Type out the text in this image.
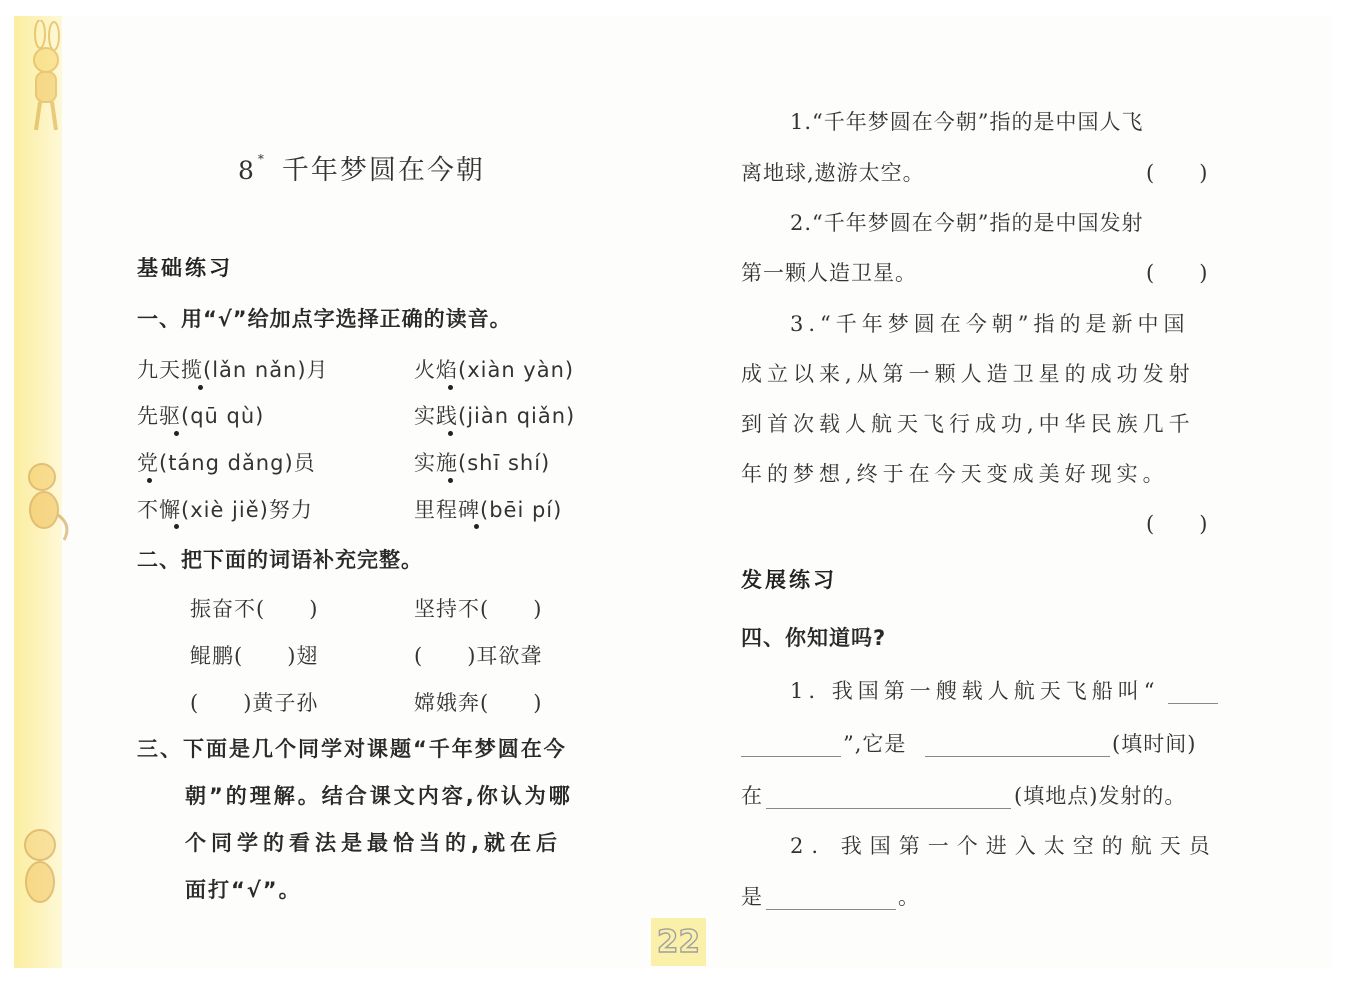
8 * 千年梦圆在今朝
基础练习
一、用“√”给加点字选择正确的读音。
九天揽(lǎn nǎn)月	火焰(xiàn yàn)
先驱(qū qù)	实践(jiàn qiǎn)
党(táng dǎng)员	实施(shī shí)
不懈(xiè jiě)努力	里程碑(bēi pí)
二、把下面的词语补充完整。
振奋不(　　)	坚持不(　　)
鲲鹏(　　)翅	(　　)耳欲聋
(　　)黄子孙	嫦娥奔(　　)
三、下面是几个同学对课题“千年梦圆在今
朝”的理解。结合课文内容,你认为哪
个同学的看法是最恰当的,就在后
面打“√”。
1.“千年梦圆在今朝”指的是中国人飞
离地球,遨游太空。	(　　)
2.“千年梦圆在今朝”指的是中国发射
第一颗人造卫星。	(　　)
3.“千年梦圆在今朝”指的是新中国
成立以来,从第一颗人造卫星的成功发射
到首次载人航天飞行成功,中华民族几千
年的梦想,终于在今天变成美好现实。
(　　)
发展练习
四、你知道吗?
1. 我国第一艘载人航天飞船叫“
”,它是	(填时间)
在	(填地点)发射的。
2. 我国第一个进入太空的航天员
是	。
22
